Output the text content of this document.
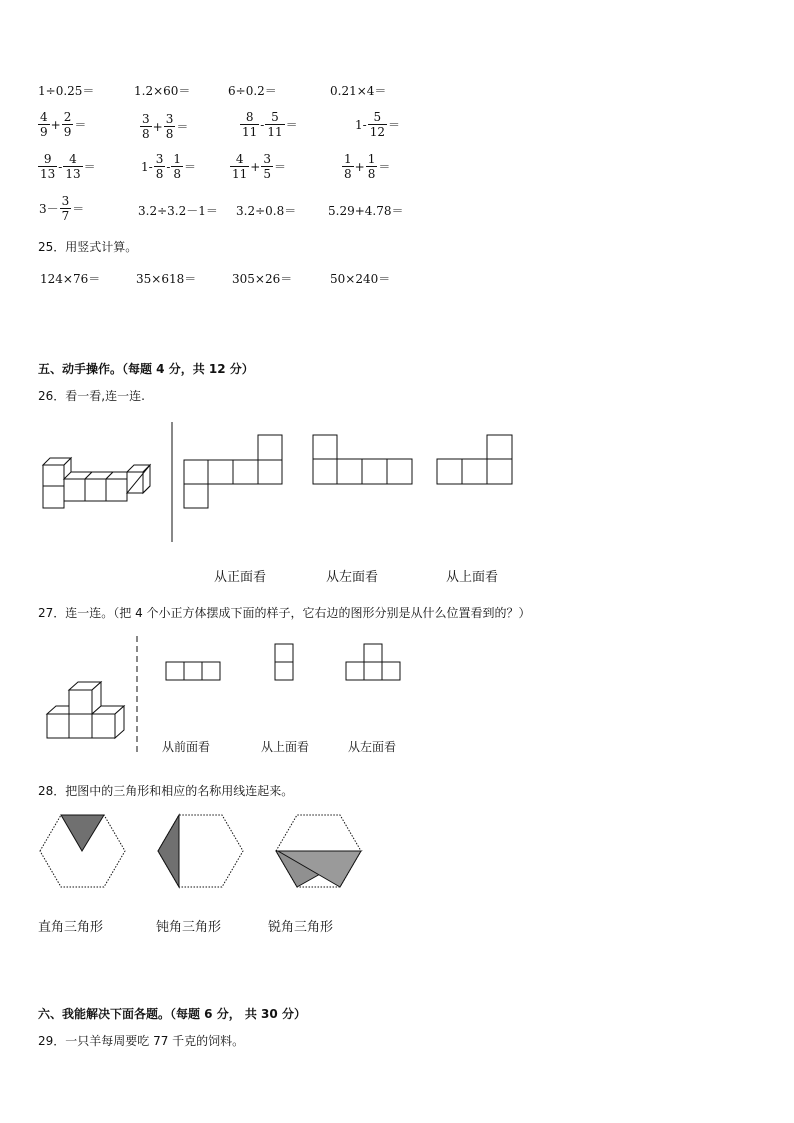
1÷0.25＝	1.2×60＝	6÷0.2＝	0.21×4＝
$\frac{4}{9} + \frac{2}{9}$ ＝	$\frac{3}{8} + \frac{3}{8}$ ＝	$\frac{8}{11} - \frac{5}{11}$ ＝	$1- \frac{5}{12}$ ＝
$\frac{9}{13} - \frac{4}{13}$ ＝	$1- \frac{3}{8} - \frac{1}{8}$ ＝	$\frac{4}{11} + \frac{3}{5}$ ＝	$\frac{1}{8} + \frac{1}{8}$ ＝
$3- \frac{3}{7}$ ＝	3.2÷3.2－1＝ 3.2÷0.8＝	5.29+4.78＝
25．用竖式计算。
124×76＝	35×618＝	305×26＝	50×240＝
五、动手操作。（每题 4 分，共 12 分）
26．看一看,连一连.
从正面看	从左面看	从上面看
27．连一连。（把 4 个小正方体摆成下面的样子，它右边的图形分别是从什么位置看到的？）
从前面看	从上面看	从左面看
28．把图中的三角形和相应的名称用线连起来。
直角三角形	钝角三角形	锐角三角形
六、我能解决下面各题。（每题 6 分， 共 30 分）
29．一只羊每周要吃 77 千克的饲料。
